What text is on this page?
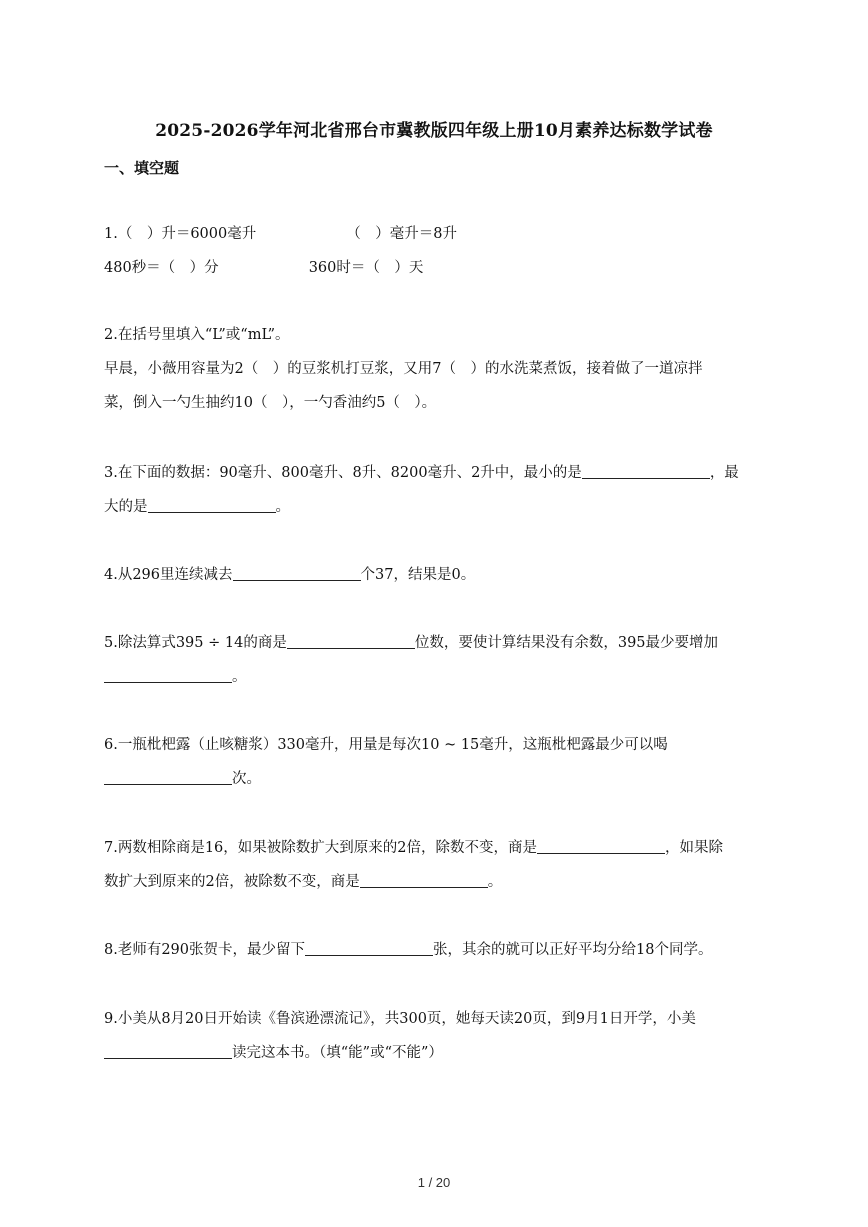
2025-2026学年河北省邢台市冀教版四年级上册10月素养达标数学试卷
一、填空题
1.（　）升＝6000毫升	（　）毫升＝8升
480秒＝（　）分	360时＝（　）天
2.在括号里填入“L”或“mL”。
早晨，小薇用容量为2（　）的豆浆机打豆浆，又用7（　）的水洗菜煮饭，接着做了一道凉拌
菜，倒入一勺生抽约10（　），一勺香油约5（　）。
3.在下面的数据：90毫升、800毫升、8升、8200毫升、2升中，最小的是	，最
大的是	。
4.从296里连续减去	个37，结果是0。
5.除法算式395 ÷ 14的商是	位数，要使计算结果没有余数，395最少要增加
。
6.一瓶枇杷露（止咳糖浆）330毫升，用量是每次10 ~ 15毫升，这瓶枇杷露最少可以喝
次。
7.两数相除商是16，如果被除数扩大到原来的2倍，除数不变，商是	，如果除
数扩大到原来的2倍，被除数不变，商是	。
8.老师有290张贺卡，最少留下	张，其余的就可以正好平均分给18个同学。
9.小美从8月20日开始读《鲁滨逊漂流记》，共300页，她每天读20页，到9月1日开学，小美
读完这本书。（填“能”或“不能”）
1 / 20
